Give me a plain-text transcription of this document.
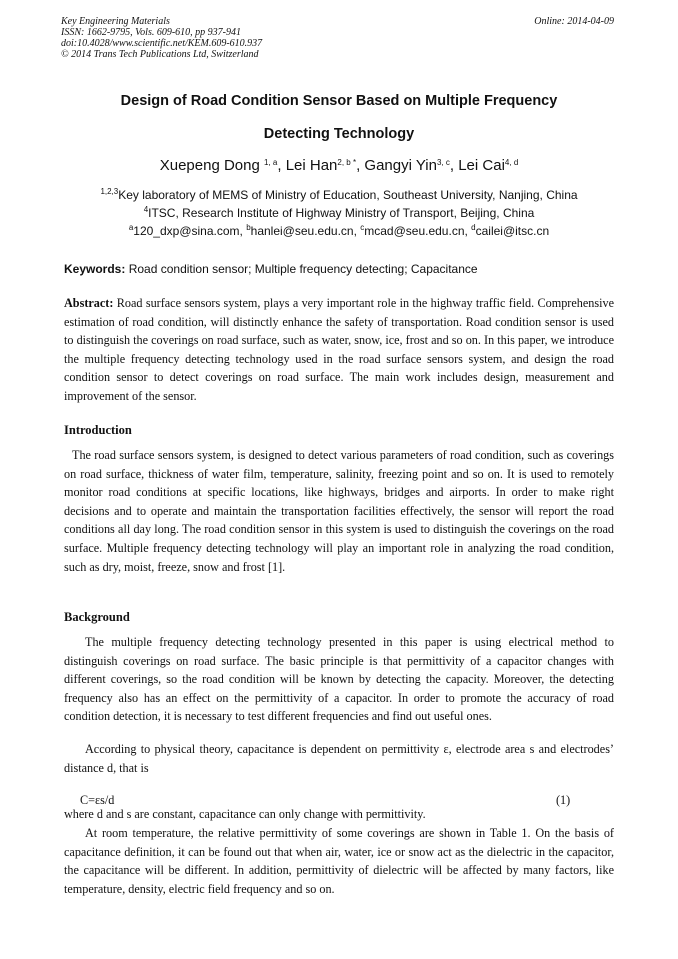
Key Engineering Materials
ISSN: 1662-9795, Vols. 609-610, pp 937-941
doi:10.4028/www.scientific.net/KEM.609-610.937
© 2014 Trans Tech Publications Ltd, Switzerland
Online: 2014-04-09
Design of Road Condition Sensor Based on Multiple Frequency
Detecting Technology
Xuepeng Dong $^{1, a}$, Lei Han$^{2, b *}$, Gangyi Yin$^{3, c}$, Lei Cai$^{4, d}$
$^{1,2,3}$Key laboratory of MEMS of Ministry of Education, Southeast University, Nanjing, China
$^4$ITSC, Research Institute of Highway Ministry of Transport, Beijing, China
$^a$120_dxp@sina.com, $^b$hanlei@seu.edu.cn, $^c$mcad@seu.edu.cn, $^d$cailei@itsc.cn
Keywords: Road condition sensor; Multiple frequency detecting; Capacitance
Abstract: Road surface sensors system, plays a very important role in the highway traffic field. Comprehensive estimation of road condition, will distinctly enhance the safety of transportation. Road condition sensor is used to distinguish the coverings on road surface, such as water, snow, ice, frost and so on. In this paper, we introduce the multiple frequency detecting technology used in the road surface sensors system, and design the road condition sensor to detect coverings on road surface. The main work includes design, measurement and improvement of the sensor.
Introduction
The road surface sensors system, is designed to detect various parameters of road condition, such as coverings on road surface, thickness of water film, temperature, salinity, freezing point and so on. It is used to remotely monitor road conditions at specific locations, like highways, bridges and airports. In order to make right decisions and to operate and maintain the transportation facilities effectively, the sensor will report the road conditions all day long. The road condition sensor in this system is used to distinguish the coverings on the road surface. Multiple frequency detecting technology will play an important role in analyzing the road condition, such as dry, moist, freeze, snow and frost [1].
Background
The multiple frequency detecting technology presented in this paper is using electrical method to distinguish coverings on road surface. The basic principle is that permittivity of a capacitor changes with different coverings, so the road condition will be known by detecting the capacity. Moreover, the detecting frequency also has an effect on the permittivity of a capacitor. In order to promote the accuracy of road condition detection, it is necessary to test different frequencies and find out useful ones.
According to physical theory, capacitance is dependent on permittivity ε, electrode area s and electrodes’ distance d, that is
C=εs/d	(1)
where d and s are constant, capacitance can only change with permittivity.
At room temperature, the relative permittivity of some coverings are shown in Table 1. On the basis of capacitance definition, it can be found out that when air, water, ice or snow act as the dielectric in the capacitor, the capacitance will be different. In addition, permittivity of dielectric will be affected by many factors, like temperature, density, electric field frequency and so on.
